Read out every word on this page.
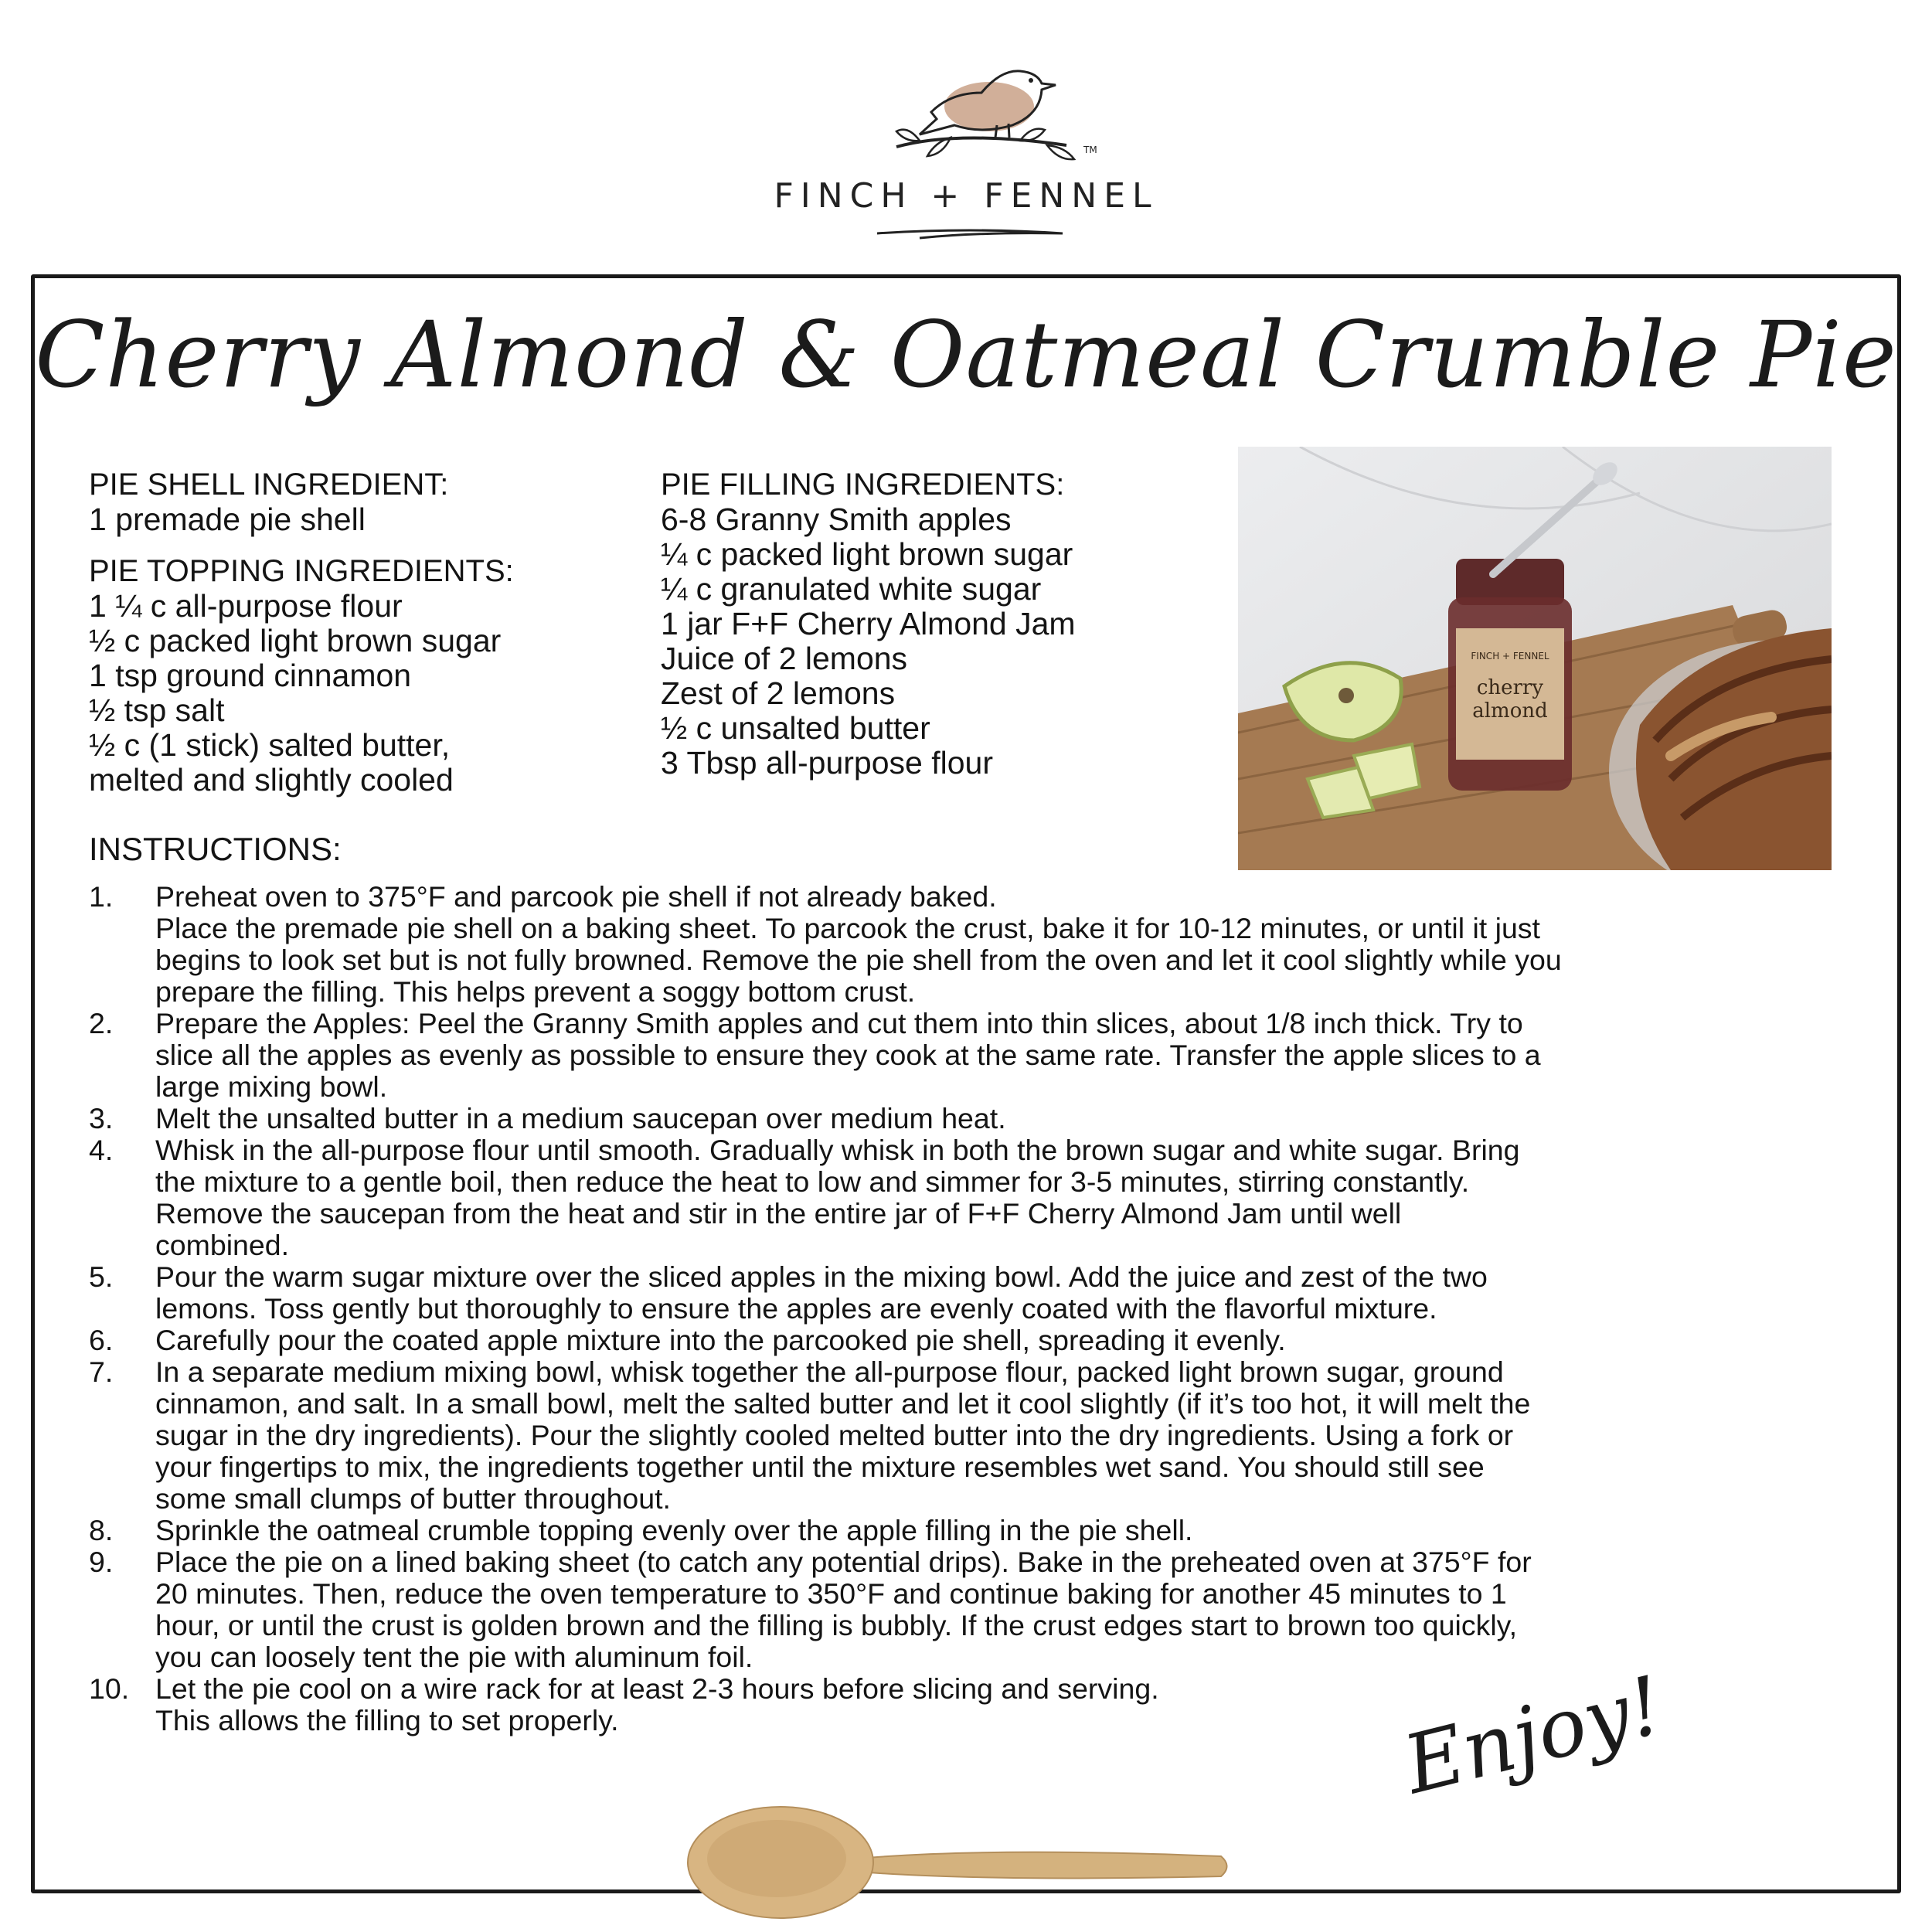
TM
FINCH + FENNEL
Cherry Almond & Oatmeal Crumble Pie
PIE SHELL INGREDIENT:
1 premade pie shell
PIE TOPPING INGREDIENTS:
1 ¼ c all-purpose flour
½ c packed light brown sugar
1 tsp ground cinnamon
½ tsp salt
½ c (1 stick) salted butter,
melted and slightly cooled
PIE FILLING INGREDIENTS:
6-8 Granny Smith apples
¼ c packed light brown sugar
¼ c granulated white sugar
1 jar F+F Cherry Almond Jam
Juice of 2 lemons
Zest of 2 lemons
½ c unsalted butter
3 Tbsp all-purpose flour
FINCH + FENNEL
cherry
almond
INSTRUCTIONS:
1.	Preheat oven to 375°F and parcook pie shell if not already baked.
Place the premade pie shell on a baking sheet. To parcook the crust, bake it for 10-12 minutes, or until it just
begins to look set but is not fully browned. Remove the pie shell from the oven and let it cool slightly while you
prepare the filling. This helps prevent a soggy bottom crust.
2.	Prepare the Apples: Peel the Granny Smith apples and cut them into thin slices, about 1/8 inch thick. Try to
slice all the apples as evenly as possible to ensure they cook at the same rate. Transfer the apple slices to a
large mixing bowl.
3.	Melt the unsalted butter in a medium saucepan over medium heat.
4.	Whisk in the all-purpose flour until smooth. Gradually whisk in both the brown sugar and white sugar. Bring
the mixture to a gentle boil, then reduce the heat to low and simmer for 3-5 minutes, stirring constantly.
Remove the saucepan from the heat and stir in the entire jar of F+F Cherry Almond Jam until well
combined.
5.	Pour the warm sugar mixture over the sliced apples in the mixing bowl. Add the juice and zest of the two
lemons. Toss gently but thoroughly to ensure the apples are evenly coated with the flavorful mixture.
6.	Carefully pour the coated apple mixture into the parcooked pie shell, spreading it evenly.
7.	In a separate medium mixing bowl, whisk together the all-purpose flour, packed light brown sugar, ground
cinnamon, and salt. In a small bowl, melt the salted butter and let it cool slightly (if it’s too hot, it will melt the
sugar in the dry ingredients). Pour the slightly cooled melted butter into the dry ingredients. Using a fork or
your fingertips to mix, the ingredients together until the mixture resembles wet sand. You should still see
some small clumps of butter throughout.
8.	Sprinkle the oatmeal crumble topping evenly over the apple filling in the pie shell.
9.	Place the pie on a lined baking sheet (to catch any potential drips). Bake in the preheated oven at 375°F for
20 minutes. Then, reduce the oven temperature to 350°F and continue baking for another 45 minutes to 1
hour, or until the crust is golden brown and the filling is bubbly. If the crust edges start to brown too quickly,
you can loosely tent the pie with aluminum foil.
10. Let the pie cool on a wire rack for at least 2-3 hours before slicing and serving.
This allows the filling to set properly.	Enjoy!
